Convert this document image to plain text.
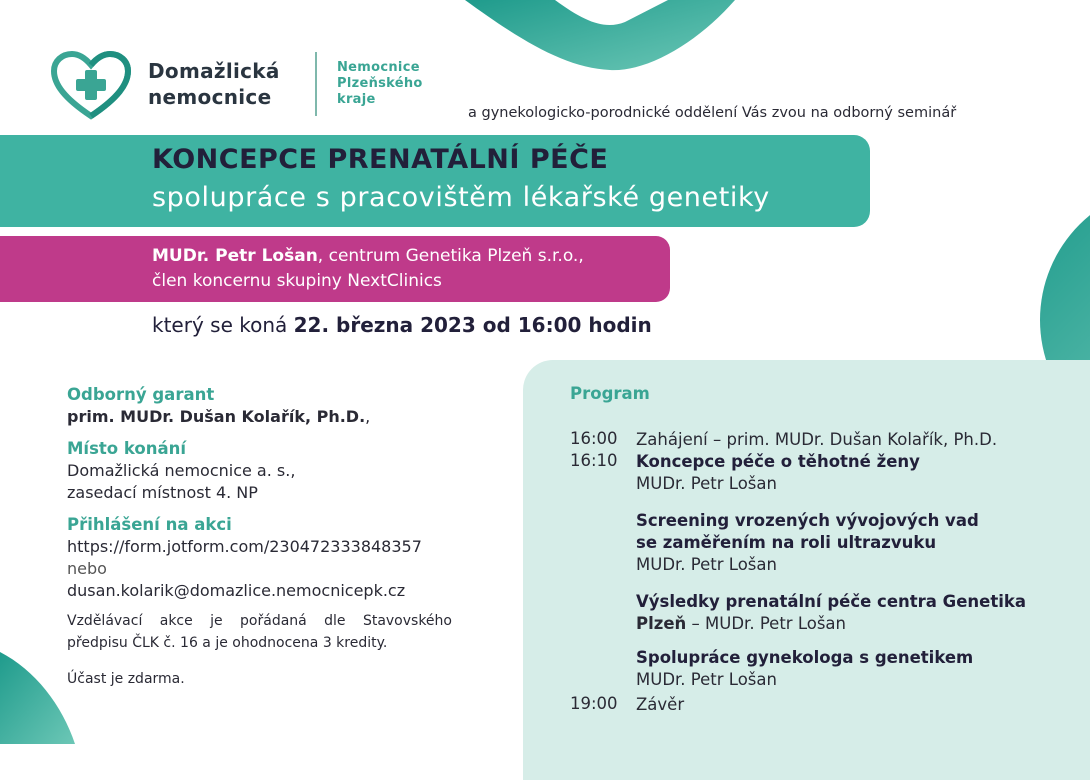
Domažlická
nemocnice
Nemocnice
Plzeňského
kraje
a gynekologicko-porodnické oddělení Vás zvou na odborný seminář
KONCEPCE PRENATÁLNÍ PÉČE
spolupráce s pracovištěm lékařské genetiky
MUDr. Petr Lošan, centrum Genetika Plzeň s.r.o.,
člen koncernu skupiny NextClinics
který se koná 22. března 2023 od 16:00 hodin
Odborný garant
prim. MUDr. Dušan Kolařík, Ph.D.,
Místo konání
Domažlická nemocnice a. s.,
zasedací místnost 4. NP
Přihlášení na akci
https://form.jotform.com/230472333848357
nebo
dusan.kolarik@domazlice.nemocnicepk.cz
Vzdělávací akce je pořádaná dle Stavovského předpisu ČLK č. 16 a je ohodnocena 3 kredity.
Účast je zdarma.
Program
16:00 Zahájení – prim. MUDr. Dušan Kolařík, Ph.D.
16:10 Koncepce péče o těhotné ženy
MUDr. Petr Lošan
Screening vrozených vývojových vad
se zaměřením na roli ultrazvuku
MUDr. Petr Lošan
Výsledky prenatální péče centra Genetika
Plzeň – MUDr. Petr Lošan
Spolupráce gynekologa s genetikem
MUDr. Petr Lošan
19:00 Závěr
